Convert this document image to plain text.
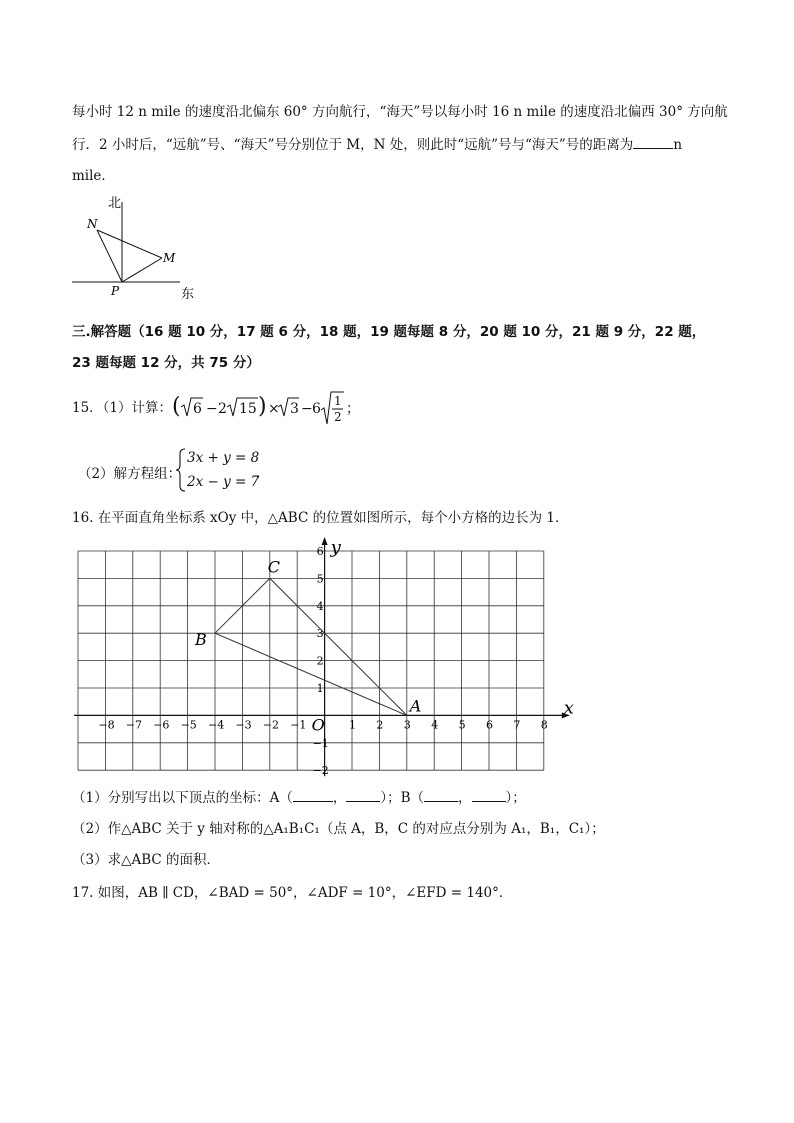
每小时 12 n mile 的速度沿北偏东 60° 方向航行，“海天”号以每小时 16 n mile 的速度沿北偏西 30° 方向航
行．2 小时后，“远航”号、“海天”号分别位于 M，N 处，则此时“远航”号与“海天”号的距离为	n
mile．
北
东
N
M
P
三.解答题（16 题 10 分，17 题 6 分，18 题，19 题每题 8 分，20 题 10 分，21 题 9 分，22 题，
23 题每题 12 分，共 75 分）
15．（1）计算： ( 6 − 2 15 ) × 3 − 6 1
2 ；
（2）解方程组：
3x + y = 8
2x − y = 7
．
16. 在平面直角坐标系 xOy 中，△ABC 的位置如图所示，每个小方格的边长为 1．
x
y
O
−8 −7 −6 −5 −4 −3 −2 −1	1 2 3 4 5 6 7 8
6
5
4
3
2
1
−1
−2
A
B
C
（1）分别写出以下顶点的坐标：A（	，	）；B（	，	）；
（2）作△ABC 关于 y 轴对称的△A₁B₁C₁（点 A，B，C 的对应点分别为 A₁，B₁，C₁）；
（3）求△ABC 的面积．
17. 如图，AB ∥ CD，∠BAD = 50°，∠ADF = 10°，∠EFD = 140°．
